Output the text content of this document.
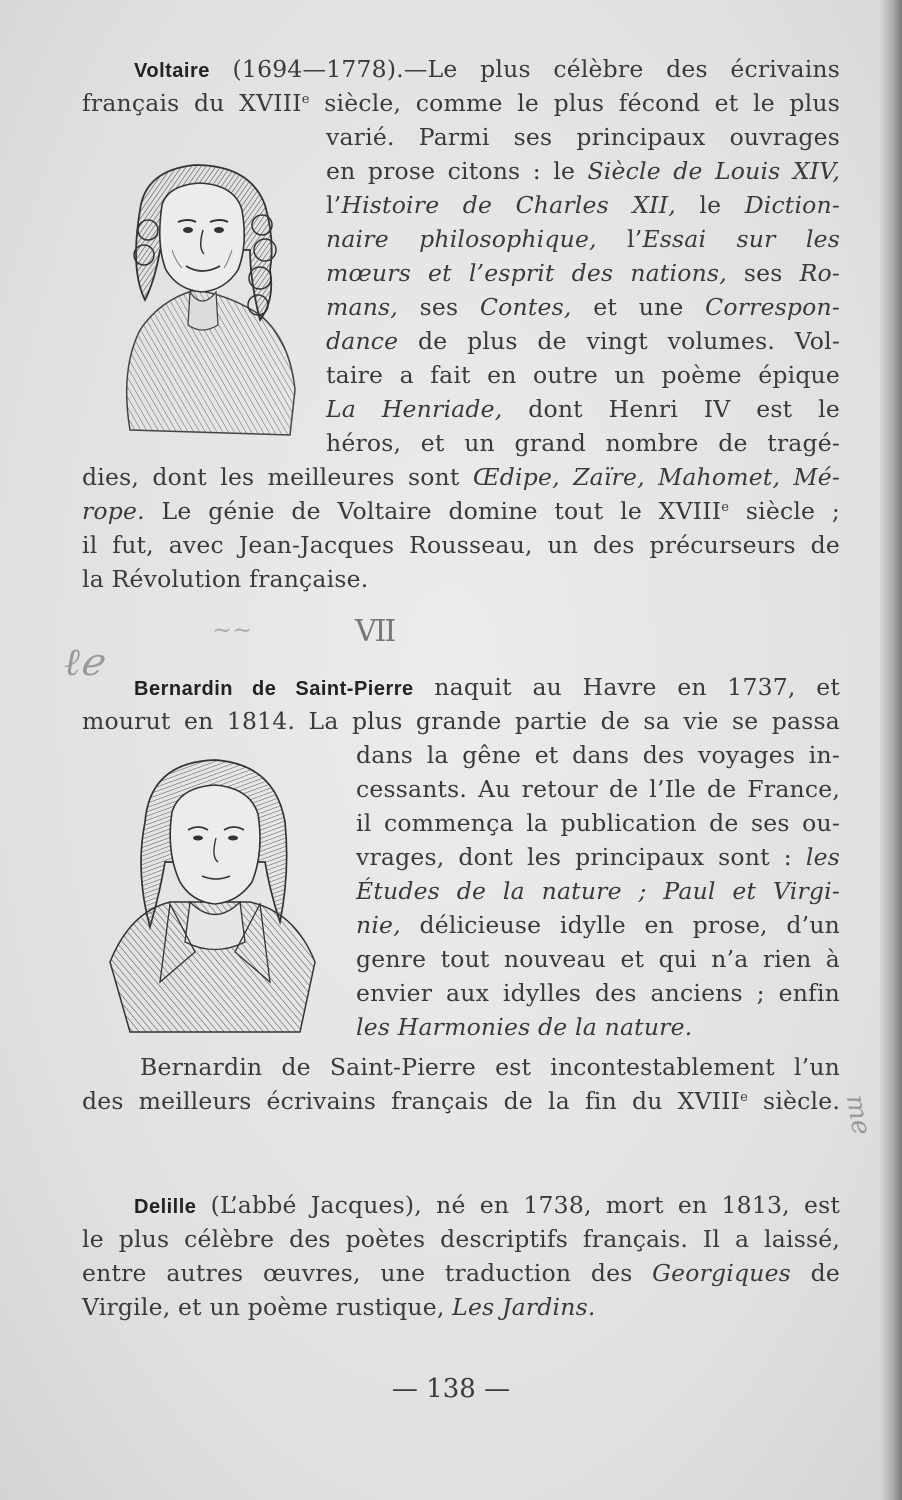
Voltaire (1694—1778).—Le plus célèbre des écrivains
français du XVIIIe siècle, comme le plus fécond et le plus
varié. Parmi ses principaux ouvrages
en prose citons : le Siècle de Louis XIV,
l’Histoire de Charles XII, le Diction-
naire philosophique, l’Essai sur les
mœurs et l’esprit des nations, ses Ro-
mans, ses Contes, et une Correspon-
dance de plus de vingt volumes. Vol-
taire a fait en outre un poème épique
La Henriade, dont Henri IV est le
héros, et un grand nombre de tragé-
dies, dont les meilleures sont Œdipe, Zaïre, Mahomet, Mé-
rope. Le génie de Voltaire domine tout le XVIIIe siècle ;
il fut, avec Jean-Jacques Rousseau, un des précurseurs de
la Révolution française.
VII
~~
ℓℯ
Bernardin de Saint-Pierre naquit au Havre en 1737, et
mourut en 1814. La plus grande partie de sa vie se passa
dans la gêne et dans des voyages in-
cessants. Au retour de l’Ile de France,
il commença la publication de ses ou-
vrages, dont les principaux sont : les
Études de la nature ; Paul et Virgi-
nie, délicieuse idylle en prose, d’un
genre tout nouveau et qui n’a rien à
envier aux idylles des anciens ; enfin
les Harmonies de la nature.
Bernardin de Saint-Pierre est incontestablement l’un
des meilleurs écrivains français de la fin du XVIIIe siècle. me
Delille (L’abbé Jacques), né en 1738, mort en 1813, est
le plus célèbre des poètes descriptifs français. Il a laissé,
entre autres œuvres, une traduction des Georgiques de
Virgile, et un poème rustique, Les Jardins.
— 138 —
